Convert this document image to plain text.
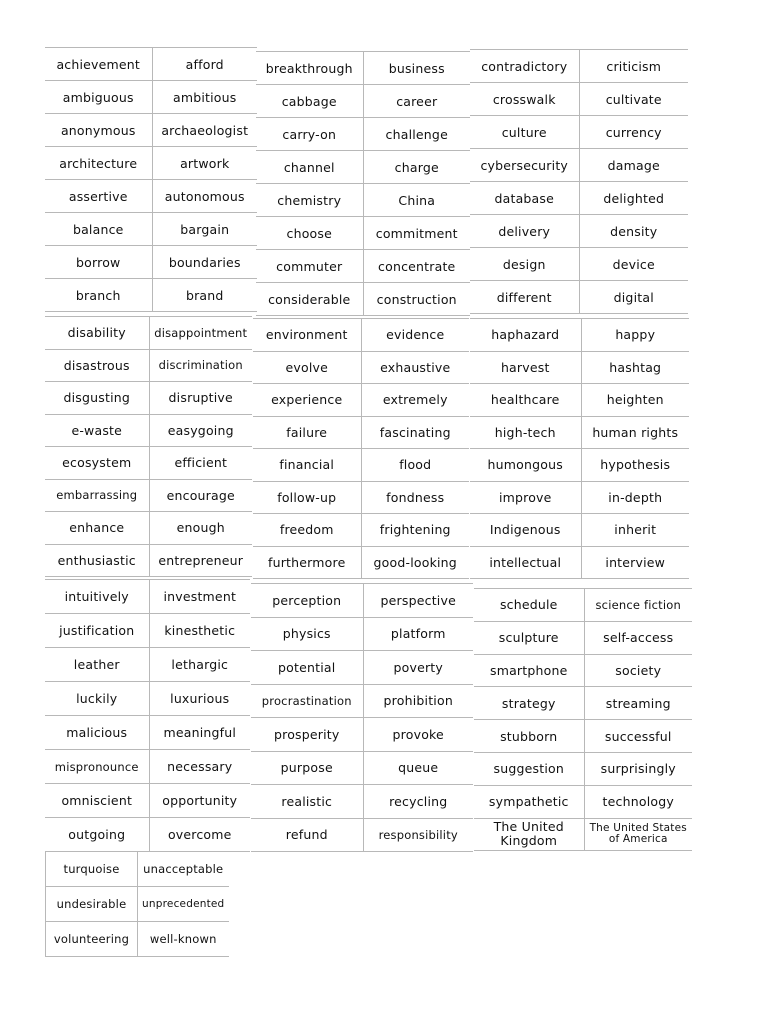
achievement	afford
ambiguous	ambitious
anonymous	archaeologist
architecture	artwork
assertive	autonomous
balance	bargain
borrow	boundaries
branch	brand
breakthrough	business
cabbage	career
carry-on	challenge
channel	charge
chemistry	China
choose	commitment
commuter	concentrate
considerable	construction
contradictory	criticism
crosswalk	cultivate
culture	currency
cybersecurity	damage
database	delighted
delivery	density
design	device
different	digital
disability	disappointment
disastrous	discrimination
disgusting	disruptive
e-waste	easygoing
ecosystem	efficient
embarrassing	encourage
enhance	enough
enthusiastic	entrepreneur
environment	evidence
evolve	exhaustive
experience	extremely
failure	fascinating
financial	flood
follow-up	fondness
freedom	frightening
furthermore	good-looking
haphazard	happy
harvest	hashtag
healthcare	heighten
high-tech	human rights
humongous	hypothesis
improve	in-depth
Indigenous	inherit
intellectual	interview
intuitively	investment
justification	kinesthetic
leather	lethargic
luckily	luxurious
malicious	meaningful
mispronounce	necessary
omniscient	opportunity
outgoing	overcome
perception	perspective
physics	platform
potential	poverty
procrastination	prohibition
prosperity	provoke
purpose	queue
realistic	recycling
refund	responsibility
schedule	science fiction
sculpture	self-access
smartphone	society
strategy	streaming
stubborn	successful
suggestion	surprisingly
sympathetic	technology
The United Kingdom	The United States of America
turquoise	unacceptable
undesirable	unprecedented
volunteering	well-known
